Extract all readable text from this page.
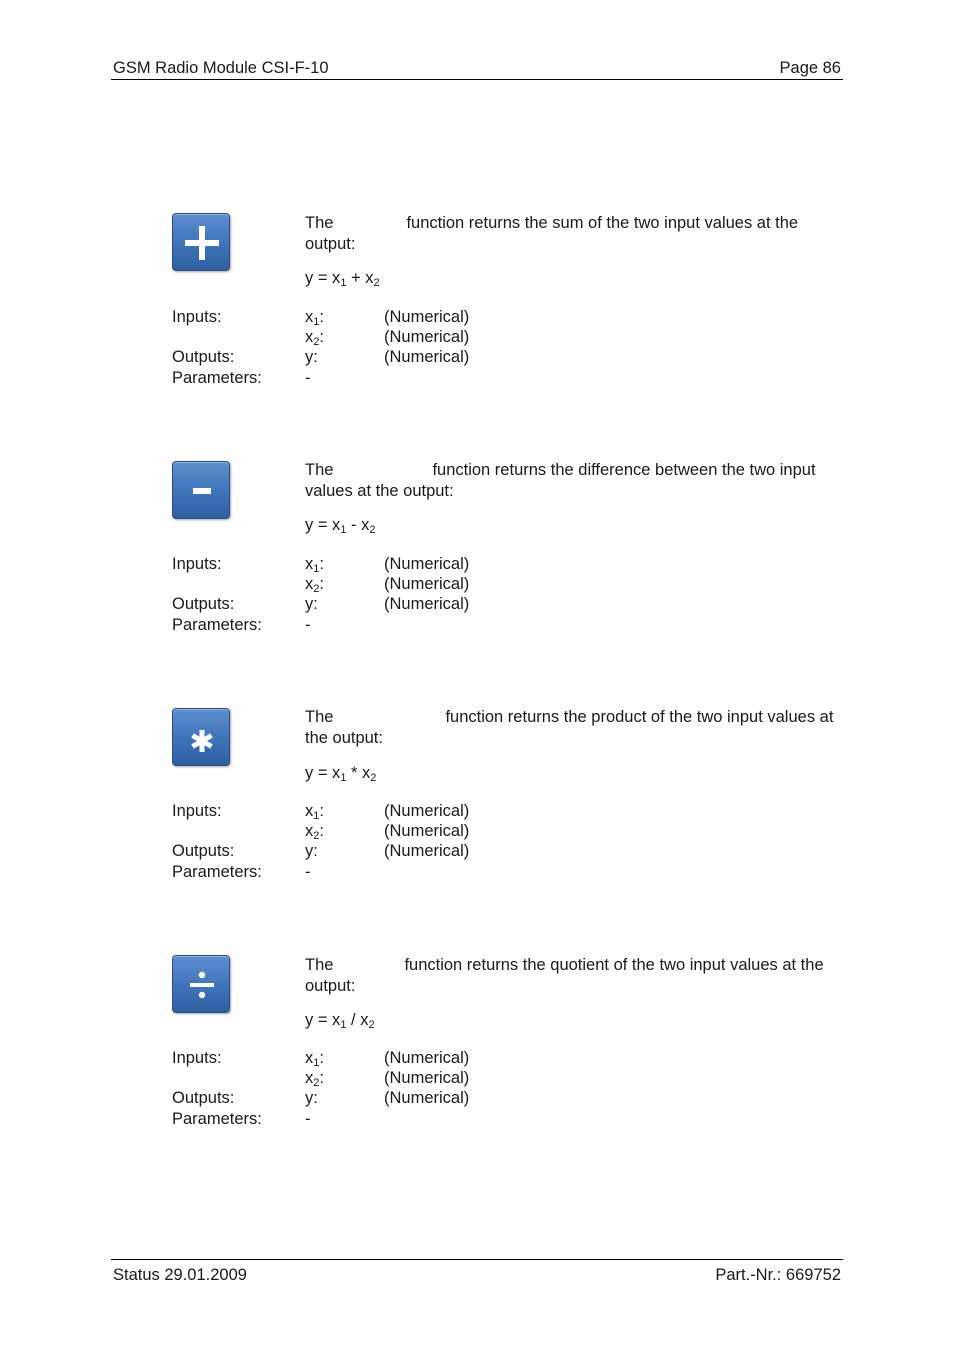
GSM Radio Module CSI-F-10	Page 86
The	function returns the sum of the two input values at the output:
$y = x_1 + x_2$
Inputs:	$x_1$:	(Numerical)
$x_2$:	(Numerical)
Outputs:	y:	(Numerical)
Parameters:	-
The	function returns the difference between the two input values at the output:
$y = x_1 - x_2$
Inputs:	$x_1$:	(Numerical)
$x_2$:	(Numerical)
Outputs:	y:	(Numerical)
Parameters:	-
The	function returns the product of the two input values at the output:
$y = x_1 * x_2$
Inputs:	$x_1$:	(Numerical)
$x_2$:	(Numerical)
Outputs:	y:	(Numerical)
Parameters:	-
The	function returns the quotient of the two input values at the output:
$y = x_1 / x_2$
Inputs:	$x_1$:	(Numerical)
$x_2$:	(Numerical)
Outputs:	y:	(Numerical)
Parameters:	-
Status 29.01.2009	Part.-Nr.: 669752
